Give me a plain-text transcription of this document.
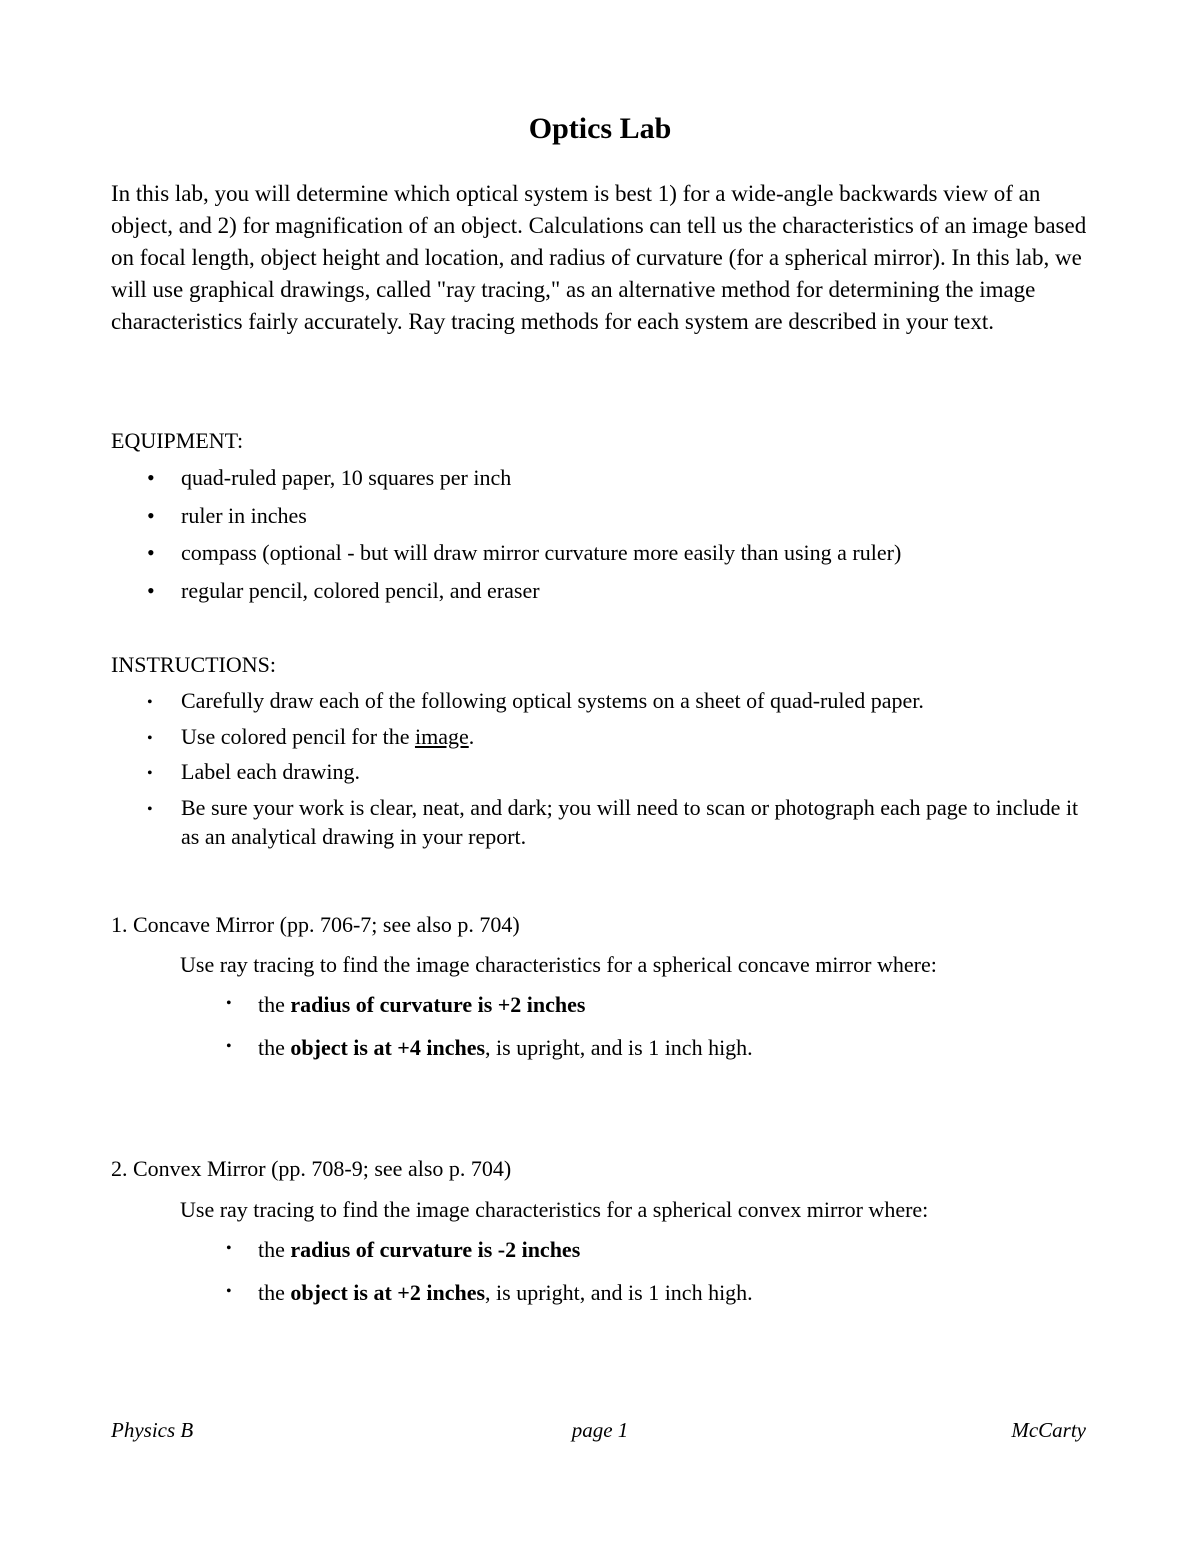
Optics Lab

In this lab, you will determine which optical system is best 1) for a wide-angle backwards view of an object, and 2) for magnification of an object. Calculations can tell us the characteristics of an image based on focal length, object height and location, and radius of curvature (for a spherical mirror). In this lab, we will use graphical drawings, called "ray tracing," as an alternative method for determining the image characteristics fairly accurately. Ray tracing methods for each system are described in your text.

EQUIPMENT:

• quad-ruled paper, 10 squares per inch
• ruler in inches
• compass (optional - but will draw mirror curvature more easily than using a ruler)
• regular pencil, colored pencil, and eraser

INSTRUCTIONS:

• Carefully draw each of the following optical systems on a sheet of quad-ruled paper.
• Use colored pencil for the image.
• Label each drawing.
• Be sure your work is clear, neat, and dark; you will need to scan or photograph each page to include it as an analytical drawing in your report.

1. Concave Mirror (pp. 706-7; see also p. 704)

Use ray tracing to find the image characteristics for a spherical concave mirror where:

• the radius of curvature is +2 inches
• the object is at +4 inches, is upright, and is 1 inch high.

2. Convex Mirror (pp. 708-9; see also p. 704)

Use ray tracing to find the image characteristics for a spherical convex mirror where:

• the radius of curvature is -2 inches
• the object is at +2 inches, is upright, and is 1 inch high.

Physics B	page 1	McCarty
